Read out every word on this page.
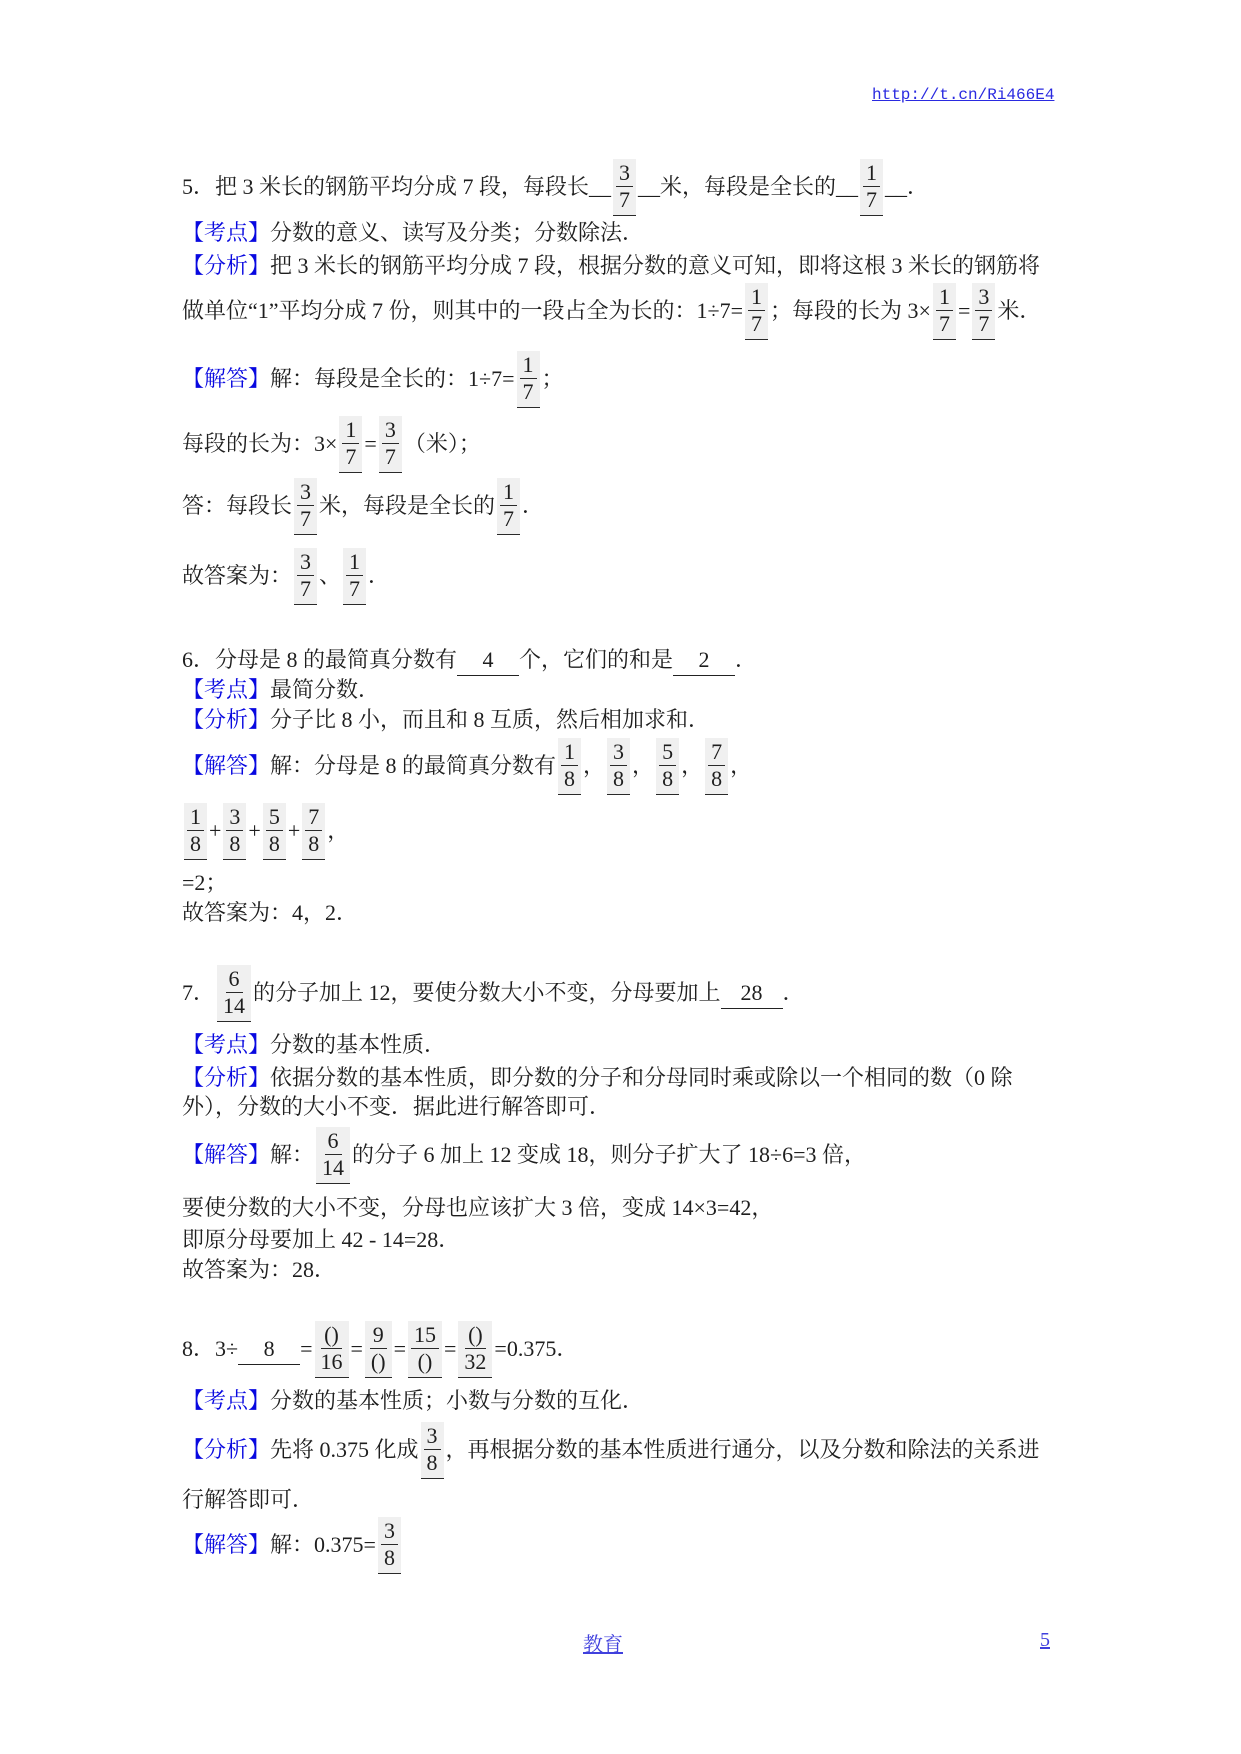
http://t.cn/Ri466E4
5．把 3 米长的钢筋平均分成 7 段，每段长__ $\frac{3}{7}$ __米，每段是全长的__ $\frac{1}{7}$ __．
【考点】 分数的意义、读写及分类；分数除法．
【分析】 把 3 米长的钢筋平均分成 7 段，根据分数的意义可知，即将这根 3 米长的钢筋将
做单位“1”平均分成 7 份，则其中的一段占全为长的：$1\div 7= \frac{1}{7}$ ；每段的长为 $3\times \frac{1}{7} = \frac{3}{7}$ 米．
【解答】 解：每段是全长的：$1\div 7= \frac{1}{7}$ ；
每段的长为：$3\times \frac{1}{7} = \frac{3}{7}$ （米）；
答：每段长 $\frac{3}{7}$ 米，每段是全长的 $\frac{1}{7}$ ．
故答案为： $\frac{3}{7}$ 、 $\frac{1}{7}$ ．
6．分母是 8 的最简真分数有	4	个，它们的和是	2	．
【考点】 最简分数．
【分析】 分子比 8 小，而且和 8 互质，然后相加求和．
【解答】 解：分母是 8 的最简真分数有 $\frac{1}{8}$ ， $\frac{3}{8}$ ， $\frac{5}{8}$ ， $\frac{7}{8}$ ，
$\frac{1}{8} + \frac{3}{8} + \frac{5}{8} + \frac{7}{8}$ ，
=2；
故答案为：4，2．
7． $\frac{6}{14}$ 的分子加上 12，要使分数大小不变，分母要加上 28 ．
【考点】 分数的基本性质．
【分析】 依据分数的基本性质，即分数的分子和分母同时乘或除以一个相同的数（0 除
外），分数的大小不变．据此进行解答即可．
【解答】 解： $\frac{6}{14}$ 的分子 6 加上 12 变成 18，则分子扩大了 18÷6=3 倍，
要使分数的大小不变，分母也应该扩大 3 倍，变成 14×3=42，
即原分母要加上 42 - 14=28．
故答案为：28．
8．3÷	8	=
()
16 =
9
() =
15
() =
()
32 =0.375．
【考点】 分数的基本性质；小数与分数的互化．
【分析】 先将 0.375 化成 $\frac{3}{8}$ ，再根据分数的基本性质进行通分，以及分数和除法的关系进
行解答即可．
【解答】 解：$0.375= \frac{3}{8}$
教育	5
